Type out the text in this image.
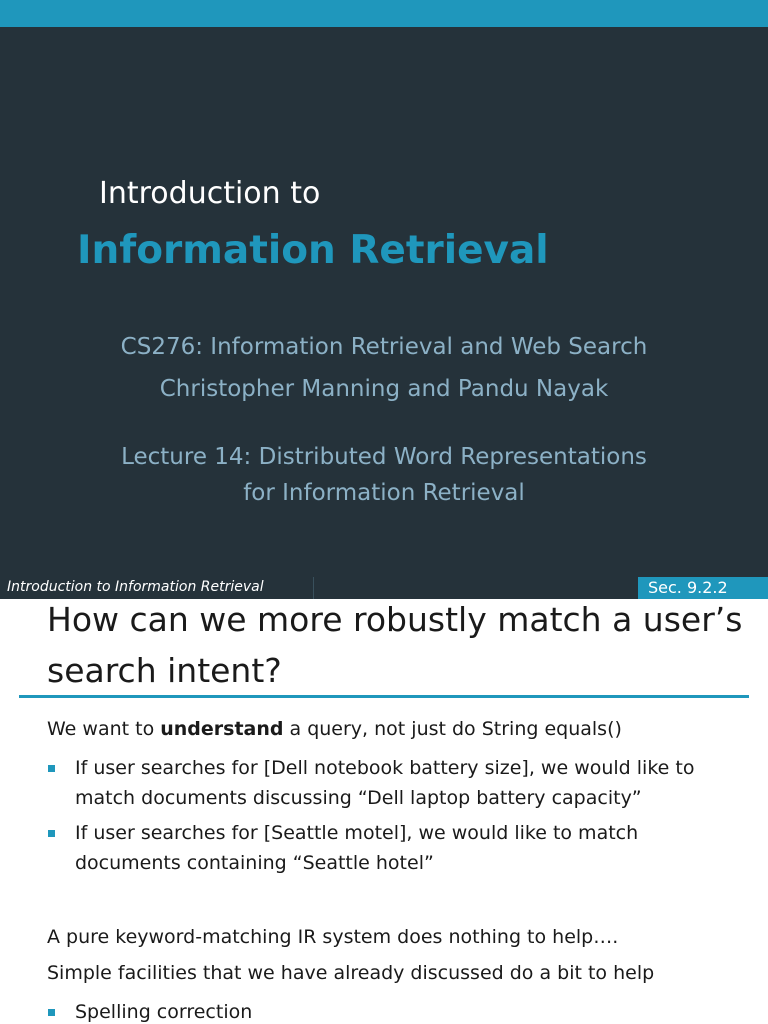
Introduction to
Information Retrieval
CS276: Information Retrieval and Web Search
Christopher Manning and Pandu Nayak
Lecture 14: Distributed Word Representations
for Information Retrieval
Introduction to Information Retrieval	Sec. 9.2.2
How can we more robustly match a user’s search intent?
We want to understand a query, not just do String equals()
If user searches for [Dell notebook battery size], we would like to match documents discussing “Dell laptop battery capacity”
If user searches for [Seattle motel], we would like to match documents containing “Seattle hotel”
A pure keyword-matching IR system does nothing to help….
Simple facilities that we have already discussed do a bit to help
Spelling correction
